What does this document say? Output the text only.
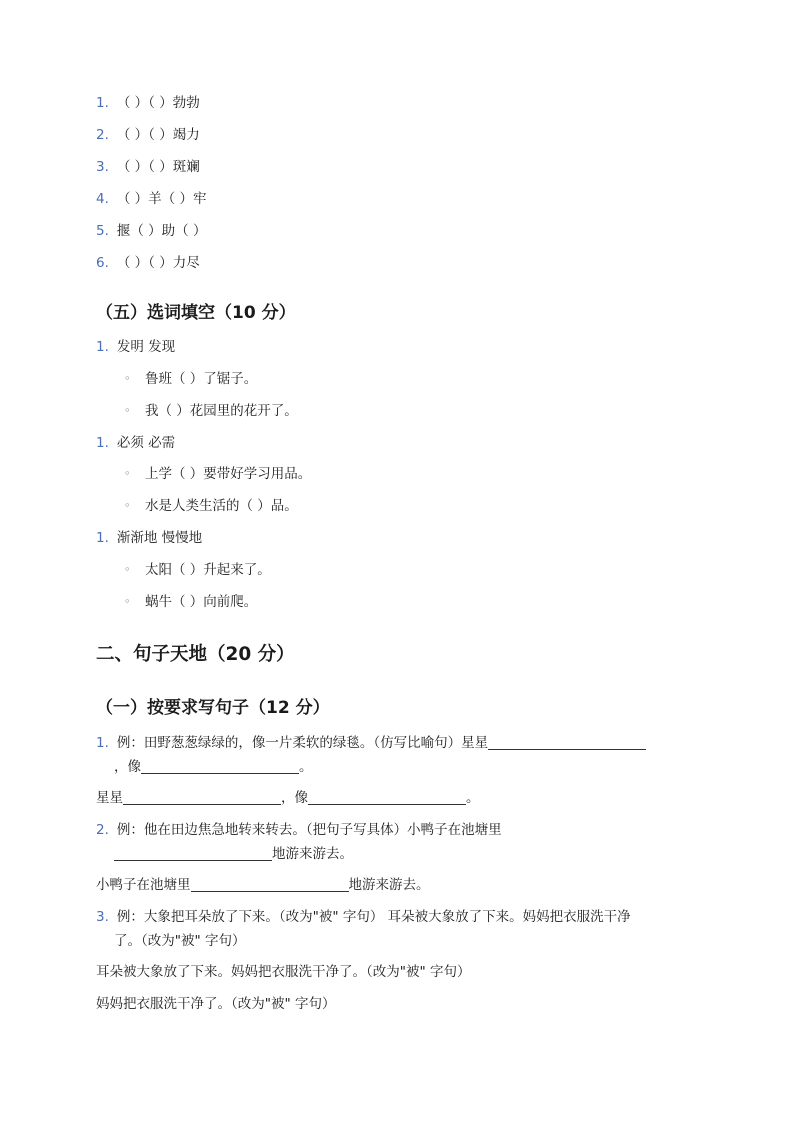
1. （ ）（ ）勃勃
2. （ ）（ ）竭力
3. （ ）（ ）斑斓
4. （ ）羊（ ）牢
5. 揠（ ）助（ ）
6. （ ）（ ）力尽
（五）选词填空（10 分）
1. 发明 发现
◦ 鲁班（ ）了锯子。
◦ 我（ ）花园里的花开了。
1. 必须 必需
◦ 上学（ ）要带好学习用品。
◦ 水是人类生活的（ ）品。
1. 渐渐地 慢慢地
◦ 太阳（ ）升起来了。
◦ 蜗牛（ ）向前爬。
二、句子天地（20 分）
（一）按要求写句子（12 分）
1. 例：田野葱葱绿绿的，像一片柔软的绿毯。（仿写比喻句）星星
，像	。
星星	，像	。
2. 例：他在田边焦急地转来转去。（把句子写具体）小鸭子在池塘里
地游来游去。
小鸭子在池塘里	地游来游去。
3. 例：大象把耳朵放了下来。（改为"被" 字句） 耳朵被大象放了下来。妈妈把衣服洗干净
了。（改为"被" 字句）
耳朵被大象放了下来。妈妈把衣服洗干净了。（改为"被" 字句）
妈妈把衣服洗干净了。（改为"被" 字句）
